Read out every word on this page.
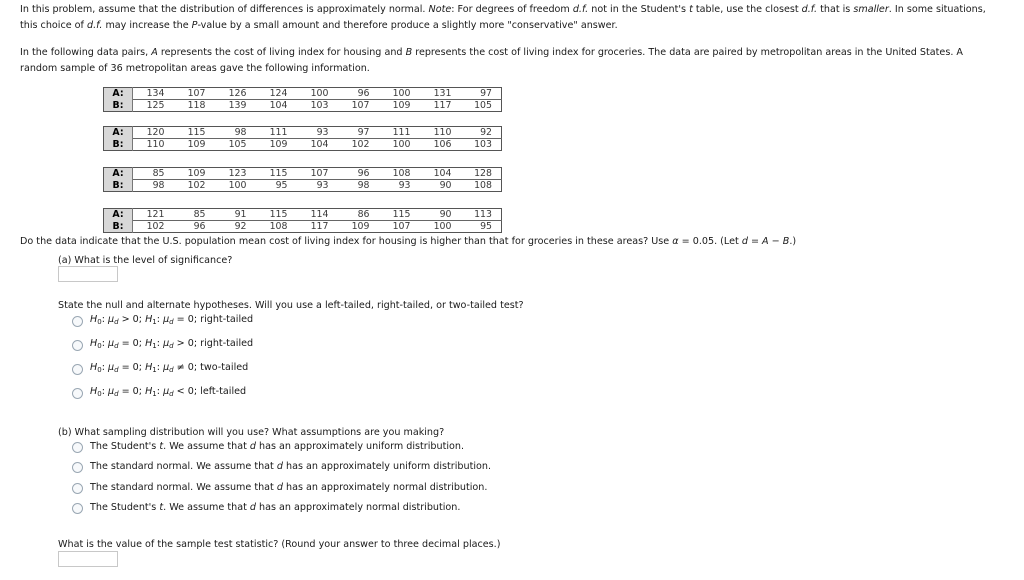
In this problem, assume that the distribution of differences is approximately normal. Note: For degrees of freedom d.f. not in the Student's t table, use the closest d.f. that is smaller. In some situations, this choice of d.f. may increase the P-value by a small amount and therefore produce a slightly more "conservative" answer.
In the following data pairs, A represents the cost of living index for housing and B represents the cost of living index for groceries. The data are paired by metropolitan areas in the United States. A random sample of 36 metropolitan areas gave the following information.
A:	134	107	126	124	100	96	100	131	97
B:	125	118	139	104	103	107	109	117	105
A:	120	115	98	111	93	97	111	110	92
B:	110	109	105	109	104	102	100	106	103
A:	85	109	123	115	107	96	108	104	128
B:	98	102	100	95	93	98	93	90	108
A:	121	85	91	115	114	86	115	90	113
B:	102	96	92	108	117	109	107	100	95
Do the data indicate that the U.S. population mean cost of living index for housing is higher than that for groceries in these areas? Use α = 0.05. (Let d = A − B.)
(a) What is the level of significance?
State the null and alternate hypotheses. Will you use a left-tailed, right-tailed, or two-tailed test?
$H_0$: $\mu_d > 0$; $H_1$: $\mu_d = 0$; right-tailed
$H_0$: $\mu_d = 0$; $H_1$: $\mu_d > 0$; right-tailed
$H_0$: $\mu_d = 0$; $H_1$: $\mu_d \ne 0$; two-tailed
$H_0$: $\mu_d = 0$; $H_1$: $\mu_d < 0$; left-tailed
(b) What sampling distribution will you use? What assumptions are you making?
The Student's t. We assume that d has an approximately uniform distribution.
The standard normal. We assume that d has an approximately uniform distribution.
The standard normal. We assume that d has an approximately normal distribution.
The Student's t. We assume that d has an approximately normal distribution.
What is the value of the sample test statistic? (Round your answer to three decimal places.)
